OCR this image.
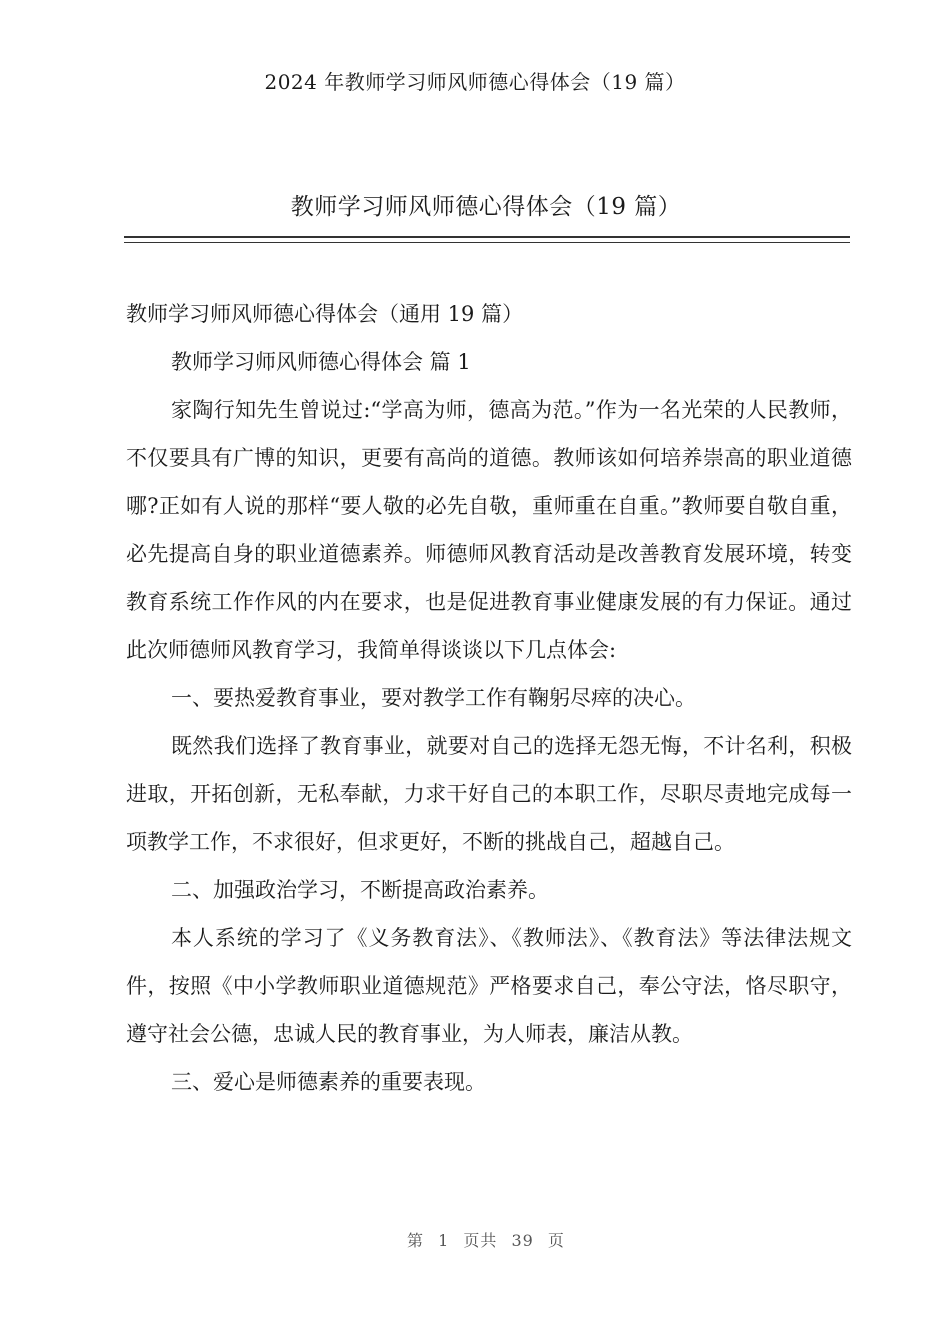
2024 年教师学习师风师德心得体会（19 篇）
教师学习师风师德心得体会（19 篇）

教师学习师风师德心得体会（通用 19 篇）

教师学习师风师德心得体会 篇 1

家陶行知先生曾说过:“学高为师，德高为范。”作为一名光荣的人民教师，不仅要具有广博的知识，更要有高尚的道德。教师该如何培养崇高的职业道德哪?正如有人说的那样“要人敬的必先自敬，重师重在自重。”教师要自敬自重，必先提高自身的职业道德素养。师德师风教育活动是改善教育发展环境，转变教育系统工作作风的内在要求，也是促进教育事业健康发展的有力保证。通过此次师德师风教育学习，我简单得谈谈以下几点体会:

一、要热爱教育事业，要对教学工作有鞠躬尽瘁的决心。

既然我们选择了教育事业，就要对自己的选择无怨无悔，不计名利，积极进取，开拓创新，无私奉献，力求干好自己的本职工作，尽职尽责地完成每一项教学工作，不求很好，但求更好，不断的挑战自己，超越自己。

二、加强政治学习，不断提高政治素养。

本人系统的学习了《义务教育法》、《教师法》、《教育法》等法律法规文件，按照《中小学教师职业道德规范》严格要求自己，奉公守法，恪尽职守，遵守社会公德，忠诚人民的教育事业，为人师表，廉洁从教。

三、爱心是师德素养的重要表现。

第 1 页共 39 页
